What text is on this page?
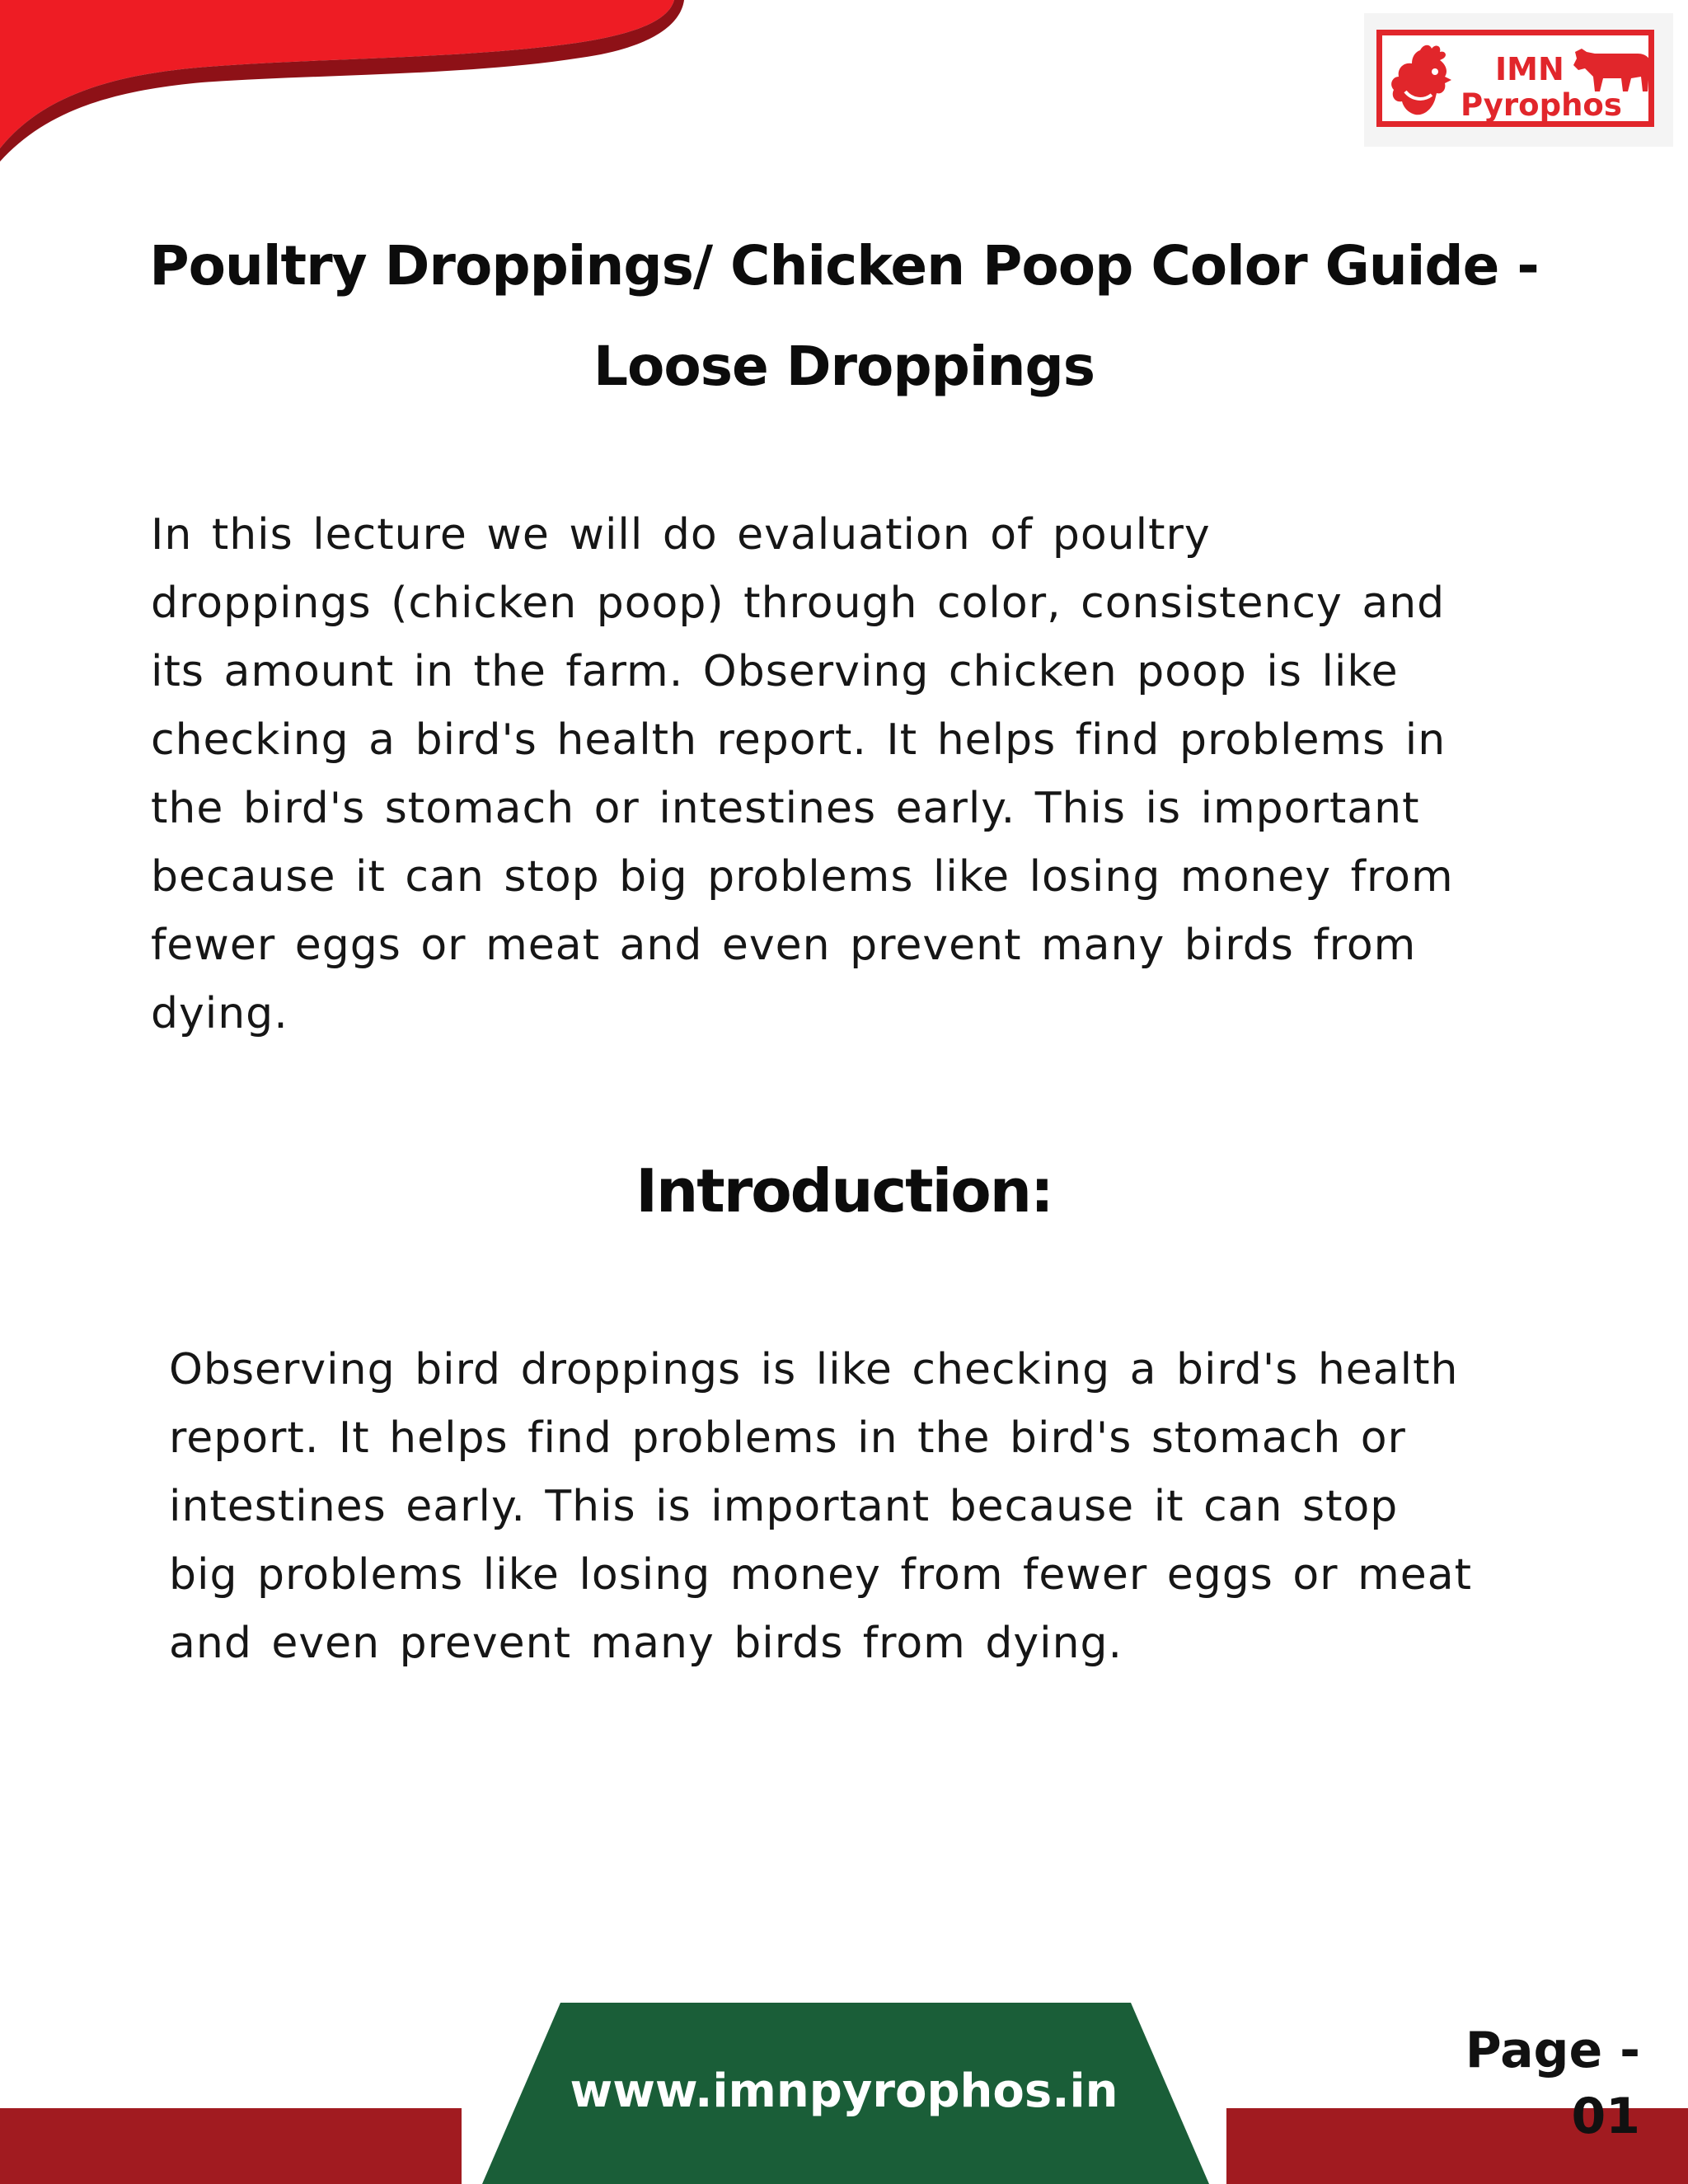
IMN
Pyrophos
Poultry Droppings/ Chicken Poop Color Guide -
Loose Droppings

In this lecture we will do evaluation of poultry
droppings (chicken poop) through color, consistency and
its amount in the farm. Observing chicken poop is like
checking a bird's health report. It helps find problems in
the bird's stomach or intestines early. This is important
because it can stop big problems like losing money from
fewer eggs or meat and even prevent many birds from
dying.

Introduction:

Observing bird droppings is like checking a bird's health
report. It helps find problems in the bird's stomach or
intestines early. This is important because it can stop
big problems like losing money from fewer eggs or meat
and even prevent many birds from dying.

www.imnpyrophos.in
Page - 01
